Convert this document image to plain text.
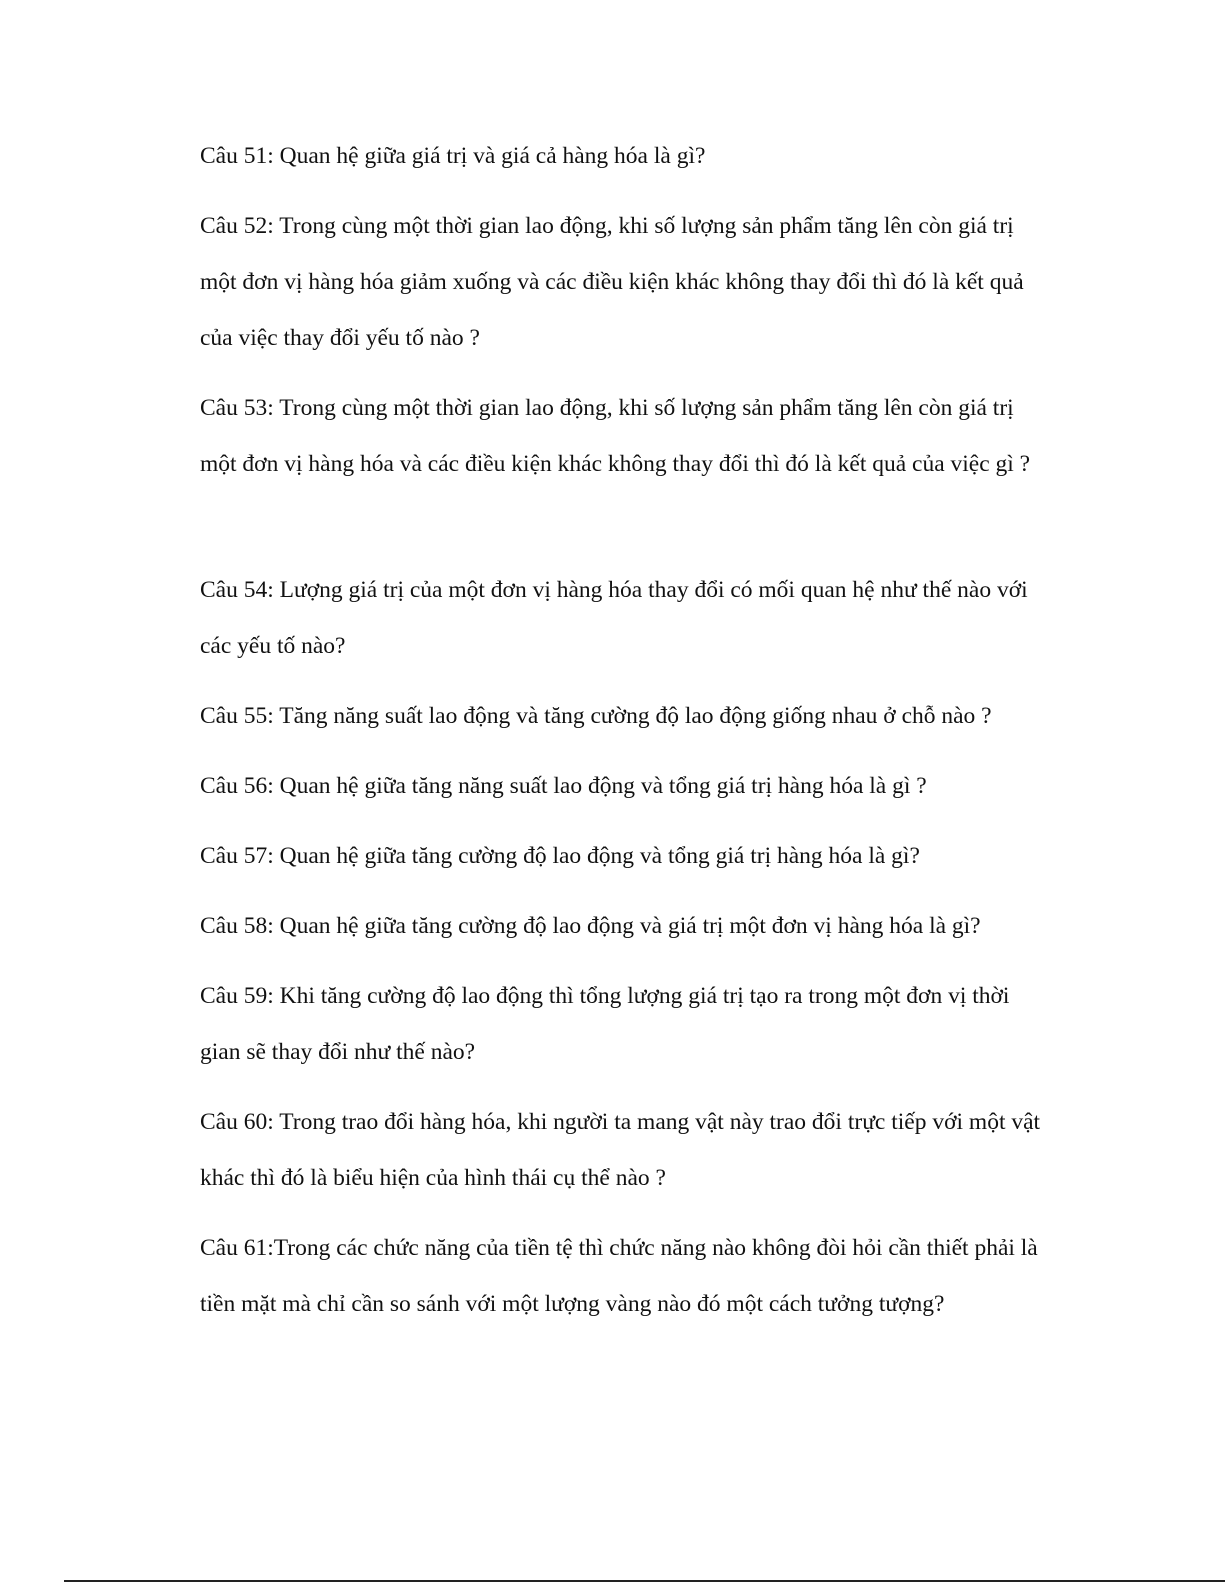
Câu 51: Quan hệ giữa giá trị và giá cả hàng hóa là gì?

Câu 52: Trong cùng một thời gian lao động, khi số lượng sản phẩm tăng lên còn giá trị một đơn vị hàng hóa giảm xuống và các điều kiện khác không thay đổi thì đó là kết quả của việc thay đổi yếu tố nào ?

Câu 53: Trong cùng một thời gian lao động, khi số lượng sản phẩm tăng lên còn giá trị một đơn vị hàng hóa và các điều kiện khác không thay đổi thì đó là kết quả của việc gì ?

Câu 54: Lượng giá trị của một đơn vị hàng hóa thay đổi có mối quan hệ như thế nào với các yếu tố nào?

Câu 55: Tăng năng suất lao động và tăng cường độ lao động giống nhau ở chỗ nào ?

Câu 56: Quan hệ giữa tăng năng suất lao động và tổng giá trị hàng hóa là gì ?

Câu 57: Quan hệ giữa tăng cường độ lao động và tổng giá trị hàng hóa là gì?

Câu 58: Quan hệ giữa tăng cường độ lao động và giá trị một đơn vị hàng hóa là gì?

Câu 59: Khi tăng cường độ lao động thì tổng lượng giá trị tạo ra trong một đơn vị thời gian sẽ thay đổi như thế nào?

Câu 60: Trong trao đổi hàng hóa, khi người ta mang vật này trao đổi trực tiếp với một vật khác thì đó là biểu hiện của hình thái cụ thể nào ?

Câu 61:Trong các chức năng của tiền tệ thì chức năng nào không đòi hỏi cần thiết phải là tiền mặt mà chỉ cần so sánh với một lượng vàng nào đó một cách tưởng tượng?
